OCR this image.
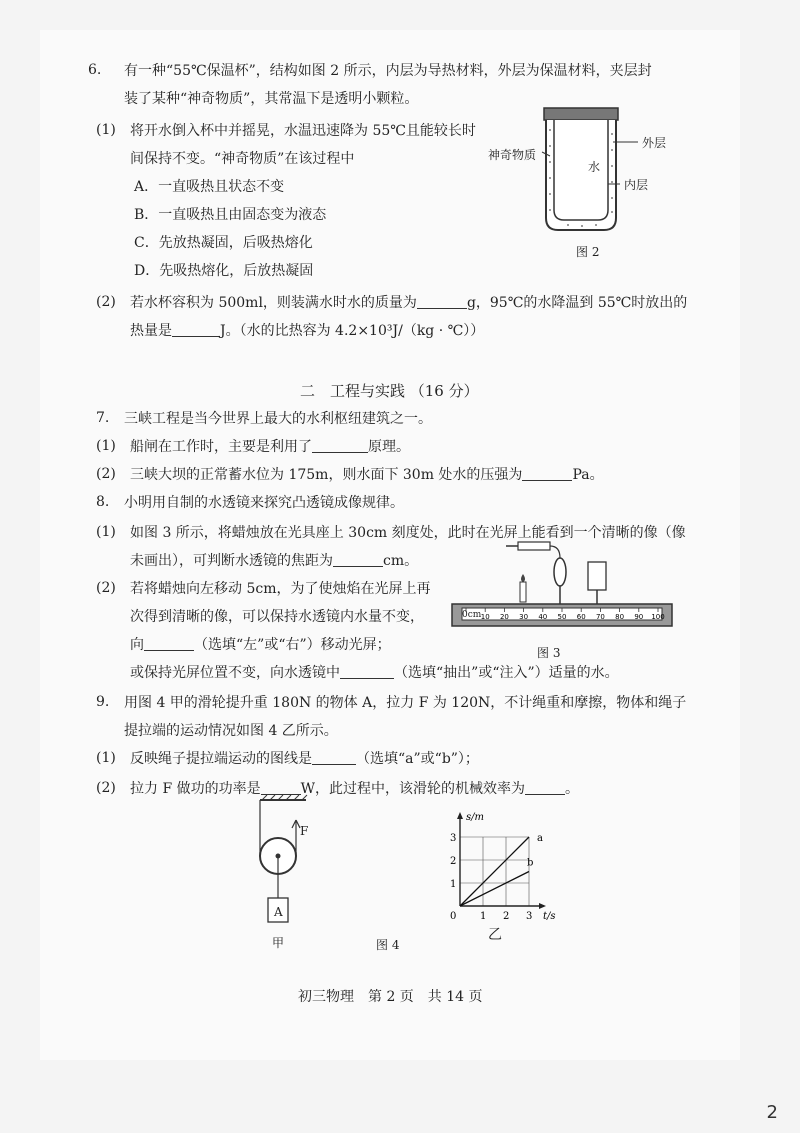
6. 有一种“55℃保温杯”，结构如图 2 所示，内层为导热材料，外层为保温材料，夹层封
装了某种“神奇物质”，其常温下是透明小颗粒。
(1) 将开水倒入杯中并摇晃，水温迅速降为 55℃且能较长时
间保持不变。“神奇物质”在该过程中
A．一直吸热且状态不变
B．一直吸热且由固态变为液态
C．先放热凝固，后吸热熔化
D．先吸热熔化，后放热凝固
(2) 若水杯容积为 500ml，则装满水时水的质量为	g，95℃的水降温到 55℃时放出的
热量是	J。（水的比热容为 4.2×10³J/（kg · ℃））
水
神奇物质
外层
内层
图 2
二　工程与实践 （16 分）
7. 三峡工程是当今世界上最大的水利枢纽建筑之一。
(1) 船闸在工作时，主要是利用了	原理。
(2) 三峡大坝的正常蓄水位为 175m，则水面下 30m 处水的压强为	Pa。
8. 小明用自制的水透镜来探究凸透镜成像规律。
(1) 如图 3 所示，将蜡烛放在光具座上 30cm 刻度处，此时在光屏上能看到一个清晰的像（像
未画出），可判断水透镜的焦距为	cm。
(2) 若将蜡烛向左移动 5cm，为了使烛焰在光屏上再
次得到清晰的像，可以保持水透镜内水量不变，
向	（选填“左”或“右”）移动光屏；
或保持光屏位置不变，向水透镜中	（选填“抽出”或“注入”）适量的水。
10 20 30 40 50 60 70 80 90 100
0cm
图 3
9. 用图 4 甲的滑轮提升重 180N 的物体 A，拉力 F 为 120N，不计绳重和摩擦，物体和绳子
提拉端的运动情况如图 4 乙所示。
(1) 反映绳子提拉端运动的图线是	（选填“a”或“b”）；
(2) 拉力 F 做功的功率是	W，此过程中，该滑轮的机械效率为	。
F
A
甲	图 4
a
b
1
2
3
1 2 3
0
s/m
t/s
乙
初三物理　第 2 页　共 14 页
2
